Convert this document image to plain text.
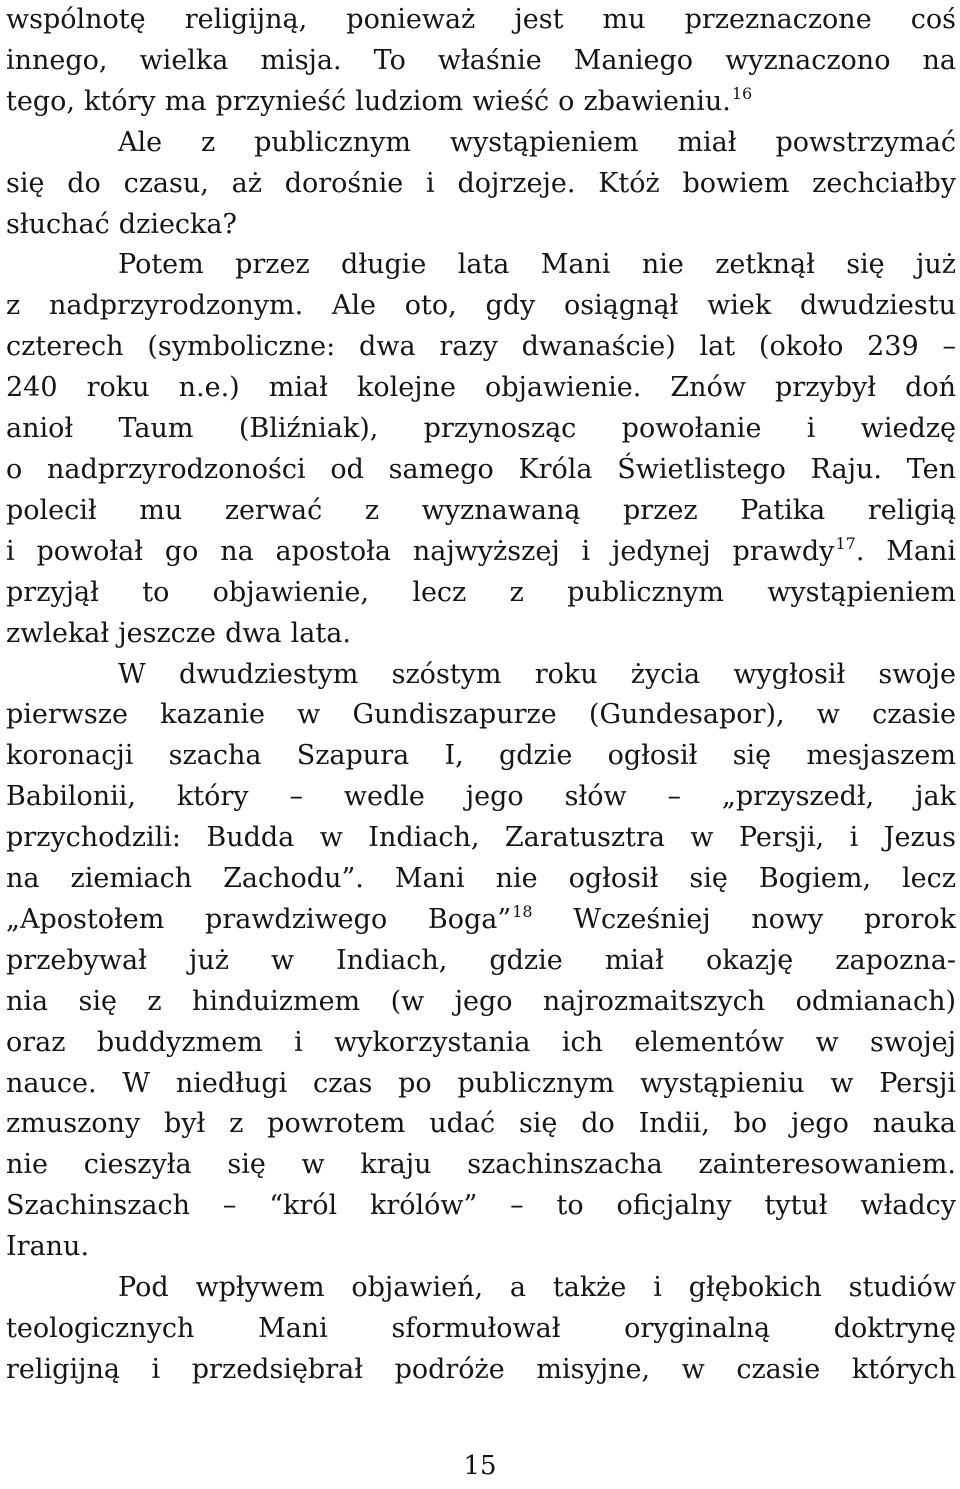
wspólnotę religijną, ponieważ jest mu przeznaczone coś
innego, wielka misja. To właśnie Maniego wyznaczono na
tego, który ma przynieść ludziom wieść o zbawieniu.$^{16}$

Ale z publicznym wystąpieniem miał powstrzymać
się do czasu, aż dorośnie i dojrzeje. Któż bowiem zechciałby
słuchać dziecka?

Potem przez długie lata Mani nie zetknął się już
z nadprzyrodzonym. Ale oto, gdy osiągnął wiek dwudziestu
czterech (symboliczne: dwa razy dwanaście) lat (około 239 –
240 roku n.e.) miał kolejne objawienie. Znów przybył doń
anioł Taum (Bliźniak), przynosząc powołanie i wiedzę
o nadprzyrodzoności od samego Króla Świetlistego Raju. Ten
polecił mu zerwać z wyznawaną przez Patika religią
i powołał go na apostoła najwyższej i jedynej prawdy$^{17}$. Mani
przyjął to objawienie, lecz z publicznym wystąpieniem
zwlekał jeszcze dwa lata.

W dwudziestym szóstym roku życia wygłosił swoje
pierwsze kazanie w Gundiszapurze (Gundesapor), w czasie
koronacji szacha Szapura I, gdzie ogłosił się mesjaszem
Babilonii, który – wedle jego słów – „przyszedł, jak
przychodzili: Budda w Indiach, Zaratusztra w Persji, i Jezus
na ziemiach Zachodu”. Mani nie ogłosił się Bogiem, lecz
„Apostołem prawdziwego Boga”$^{18}$ Wcześniej nowy prorok
przebywał już w Indiach, gdzie miał okazję zapozna-
nia się z hinduizmem (w jego najrozmaitszych odmianach)
oraz buddyzmem i wykorzystania ich elementów w swojej
nauce. W niedługi czas po publicznym wystąpieniu w Persji
zmuszony był z powrotem udać się do Indii, bo jego nauka
nie cieszyła się w kraju szachinszacha zainteresowaniem.
Szachinszach – “król królów” – to oficjalny tytuł władcy
Iranu.

Pod wpływem objawień, a także i głębokich studiów
teologicznych Mani sformułował oryginalną doktrynę
religijną i przedsiębrał podróże misyjne, w czasie których

15
